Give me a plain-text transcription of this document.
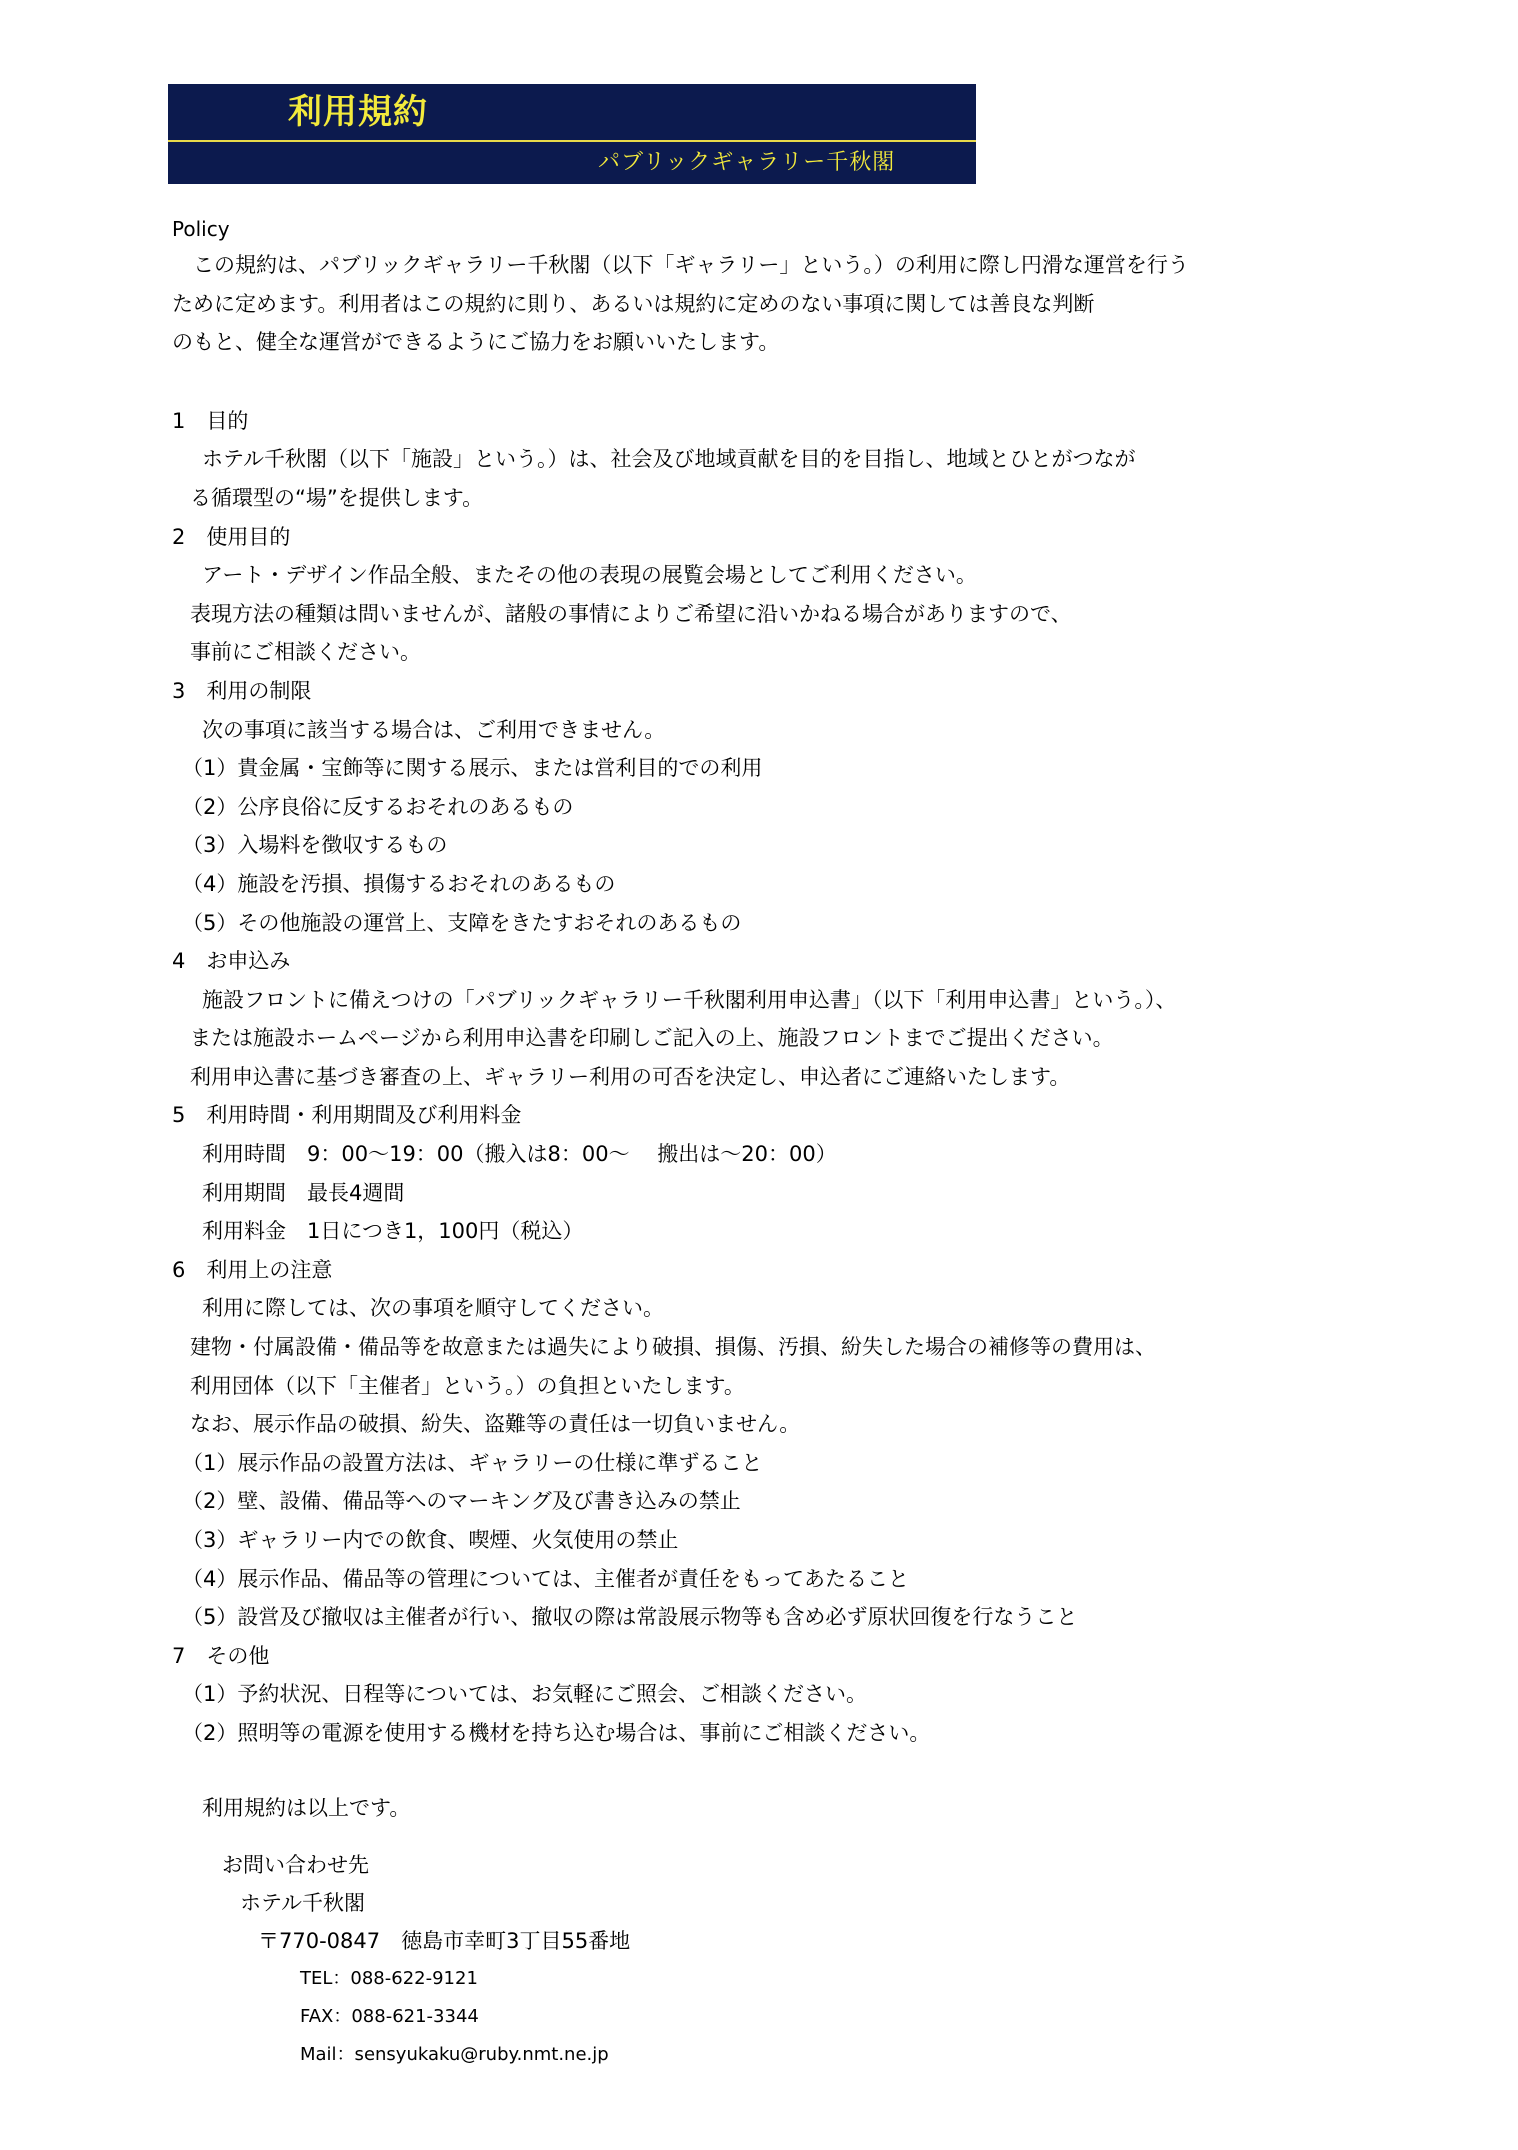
利用規約
パブリックギャラリー千秋閣
Policy
　この規約は、パブリックギャラリー千秋閣（以下「ギャラリー」という。）の利用に際し円滑な運営を行う
ために定めます。利用者はこの規約に則り、あるいは規約に定めのない事項に関しては善良な判断
のもと、健全な運営ができるようにご協力をお願いいたします。
1　目的
ホテル千秋閣（以下「施設」という。）は、社会及び地域貢献を目的を目指し、地域とひとがつなが
る循環型の“場”を提供します。
2　使用目的
アート・デザイン作品全般、またその他の表現の展覧会場としてご利用ください。
表現方法の種類は問いませんが、諸般の事情によりご希望に沿いかねる場合がありますので、
事前にご相談ください。
3　利用の制限
次の事項に該当する場合は、ご利用できません。
（1）貴金属・宝飾等に関する展示、または営利目的での利用
（2）公序良俗に反するおそれのあるもの
（3）入場料を徴収するもの
（4）施設を汚損、損傷するおそれのあるもの
（5）その他施設の運営上、支障をきたすおそれのあるもの
4　お申込み
施設フロントに備えつけの「パブリックギャラリー千秋閣利用申込書」（以下「利用申込書」という。）、
または施設ホームページから利用申込書を印刷しご記入の上、施設フロントまでご提出ください。
利用申込書に基づき審査の上、ギャラリー利用の可否を決定し、申込者にご連絡いたします。
5　利用時間・利用期間及び利用料金
利用時間　9：00～19：00（搬入は8：00～　 搬出は～20：00）
利用期間　最長4週間
利用料金　1日につき1，100円（税込）
6　利用上の注意
利用に際しては、次の事項を順守してください。
建物・付属設備・備品等を故意または過失により破損、損傷、汚損、紛失した場合の補修等の費用は、
利用団体（以下「主催者」という。）の負担といたします。
なお、展示作品の破損、紛失、盗難等の責任は一切負いません。
（1）展示作品の設置方法は、ギャラリーの仕様に準ずること
（2）壁、設備、備品等へのマーキング及び書き込みの禁止
（3）ギャラリー内での飲食、喫煙、火気使用の禁止
（4）展示作品、備品等の管理については、主催者が責任をもってあたること
（5）設営及び撤収は主催者が行い、撤収の際は常設展示物等も含め必ず原状回復を行なうこと
7　その他
（1）予約状況、日程等については、お気軽にご照会、ご相談ください。
（2）照明等の電源を使用する機材を持ち込む場合は、事前にご相談ください。
利用規約は以上です。
お問い合わせ先
ホテル千秋閣
〒770-0847　徳島市幸町3丁目55番地
TEL：088-622-9121
FAX：088-621-3344
Mail：sensyukaku@ruby.nmt.ne.jp
